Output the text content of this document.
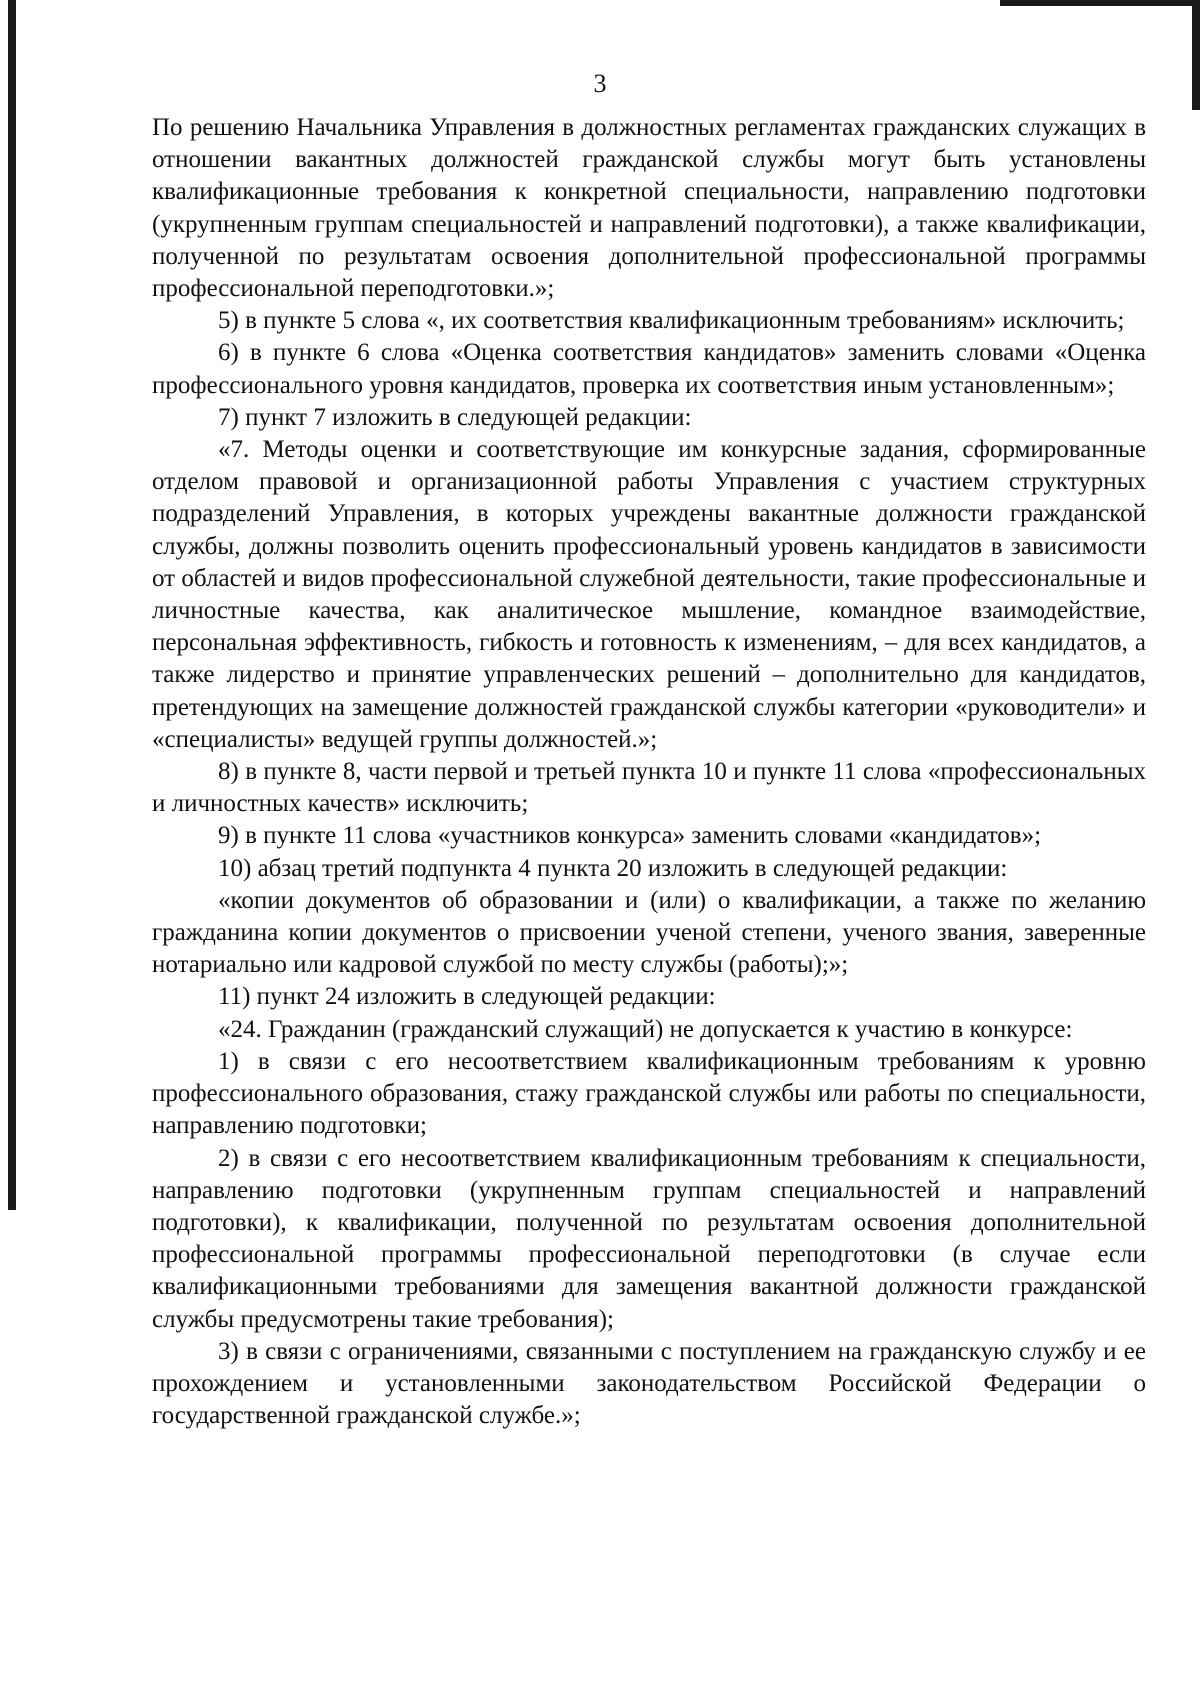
3

По решению Начальника Управления в должностных регламентах гражданских служащих в отношении вакантных должностей гражданской службы могут быть установлены квалификационные требования к конкретной специальности, направлению подготовки (укрупненным группам специальностей и направлений подготовки), а также квалификации, полученной по результатам освоения дополнительной профессиональной программы профессиональной переподготовки.»;

5) в пункте 5 слова «, их соответствия квалификационным требованиям» исключить;

6) в пункте 6 слова «Оценка соответствия кандидатов» заменить словами «Оценка профессионального уровня кандидатов, проверка их соответствия иным установленным»;

7) пункт 7 изложить в следующей редакции:

«7. Методы оценки и соответствующие им конкурсные задания, сформированные отделом правовой и организационной работы Управления с участием структурных подразделений Управления, в которых учреждены вакантные должности гражданской службы, должны позволить оценить профессиональный уровень кандидатов в зависимости от областей и видов профессиональной служебной деятельности, такие профессиональные и личностные качества, как аналитическое мышление, командное взаимодействие, персональная эффективность, гибкость и готовность к изменениям, – для всех кандидатов, а также лидерство и принятие управленческих решений – дополнительно для кандидатов, претендующих на замещение должностей гражданской службы категории «руководители» и «специалисты» ведущей группы должностей.»;

8) в пункте 8, части первой и третьей пункта 10 и пункте 11 слова «профессиональных и личностных качеств» исключить;

9) в пункте 11 слова «участников конкурса» заменить словами «кандидатов»;

10) абзац третий подпункта 4 пункта 20 изложить в следующей редакции:

«копии документов об образовании и (или) о квалификации, а также по желанию гражданина копии документов о присвоении ученой степени, ученого звания, заверенные нотариально или кадровой службой по месту службы (работы);»;

11) пункт 24 изложить в следующей редакции:

«24. Гражданин (гражданский служащий) не допускается к участию в конкурсе:

1) в связи с его несоответствием квалификационным требованиям к уровню профессионального образования, стажу гражданской службы или работы по специальности, направлению подготовки;

2) в связи с его несоответствием квалификационным требованиям к специальности, направлению подготовки (укрупненным группам специальностей и направлений подготовки), к квалификации, полученной по результатам освоения дополнительной профессиональной программы профессиональной переподготовки (в случае если квалификационными требованиями для замещения вакантной должности гражданской службы предусмотрены такие требования);

3) в связи с ограничениями, связанными с поступлением на гражданскую службу и ее прохождением и установленными законодательством Российской Федерации о государственной гражданской службе.»;
